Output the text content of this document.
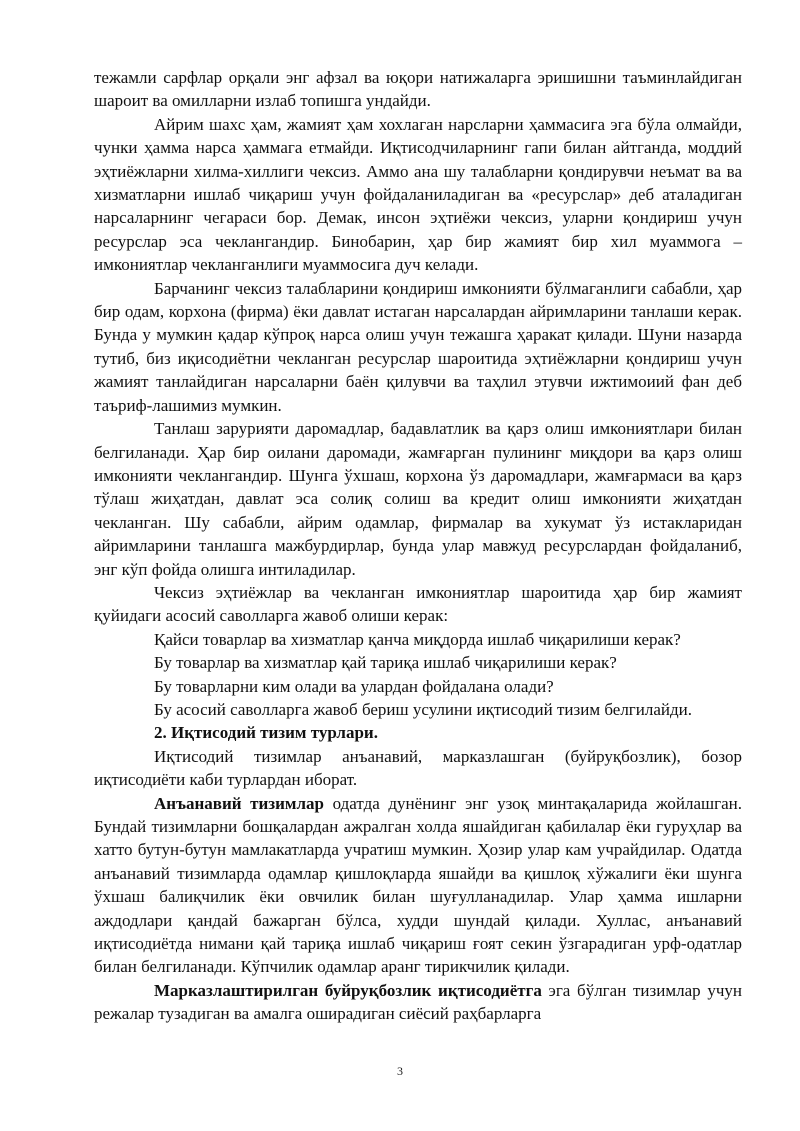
тежамли сарфлар орқали энг афзал ва юқори натижаларга эришишни таъминлайдиган шароит ва омилларни излаб топишга ундайди.

Айрим шахс ҳам, жамият ҳам хохлаган нарсларни ҳаммасига эга бўла олмайди, чунки ҳамма нарса ҳаммага етмайди. Иқтисодчиларнинг гапи билан айтганда, моддий эҳтиёжларни хилма-хиллиги чексиз. Аммо ана шу талабларни қондирувчи неъмат ва ва хизматларни ишлаб чиқариш учун фойдаланиладиган ва «ресурслар» деб аталадиган нарсаларнинг чегараси бор. Демак, инсон эҳтиёжи чексиз, уларни қондириш учун ресурслар эса чеклангандир. Бинобарин, ҳар бир жамият бир хил муаммога – имкониятлар чекланганлиги муаммосига дуч келади.

Барчанинг чексиз талабларини қондириш имконияти бўлмаганлиги сабабли, ҳар бир одам, корхона (фирма) ёки давлат истаган нарсалардан айримларини танлаши керак. Бунда у мумкин қадар кўпроқ нарса олиш учун тежашга ҳаракат қилади. Шуни назарда тутиб, биз иқисодиётни чекланган ресурслар шароитида эҳтиёжларни қондириш учун жамият танлайдиган нарсаларни баён қилувчи ва таҳлил этувчи ижтимоиий фан деб таъриф-лашимиз мумкин.

Танлаш зарурияти даромадлар, бадавлатлик ва қарз олиш имкониятлари билан белгиланади. Ҳар бир оилани даромади, жамғарган пулининг миқдори ва қарз олиш имконияти чеклангандир. Шунга ўхшаш, корхона ўз даромадлари, жамғармаси ва қарз тўлаш жиҳатдан, давлат эса солиқ солиш ва кредит олиш имконияти жиҳатдан чекланган. Шу сабабли, айрим одамлар, фирмалар ва хукумат ўз истакларидан айримларини танлашга мажбурдирлар, бунда улар мавжуд ресурслардан фойдаланиб, энг кўп фойда олишга интиладилар.

Чексиз эҳтиёжлар ва чекланган имкониятлар шароитида ҳар бир жамият қуйидаги асосий саволларга жавоб олиши керак:

Қайси товарлар ва хизматлар қанча миқдорда ишлаб чиқарилиши керак?

Бу товарлар ва хизматлар қай тариқа ишлаб чиқарилиши керак?

Бу товарларни ким олади ва улардан фойдалана олади?

Бу асосий саволларга жавоб бериш усулини иқтисодий тизим белгилайди.

2. Иқтисодий тизим турлари.

Иқтисодий тизимлар анъанавий, марказлашган (буйруқбозлик), бозор иқтисодиёти каби турлардан иборат.

Анъанавий тизимлар одатда дунёнинг энг узоқ минтақаларида жойлашган. Бундай тизимларни бошқалардан ажралган холда яшайдиган қабилалар ёки гуруҳлар ва хатто бутун-бутун мамлакатларда учратиш мумкин. Ҳозир улар кам учрайдилар. Одатда анъанавий тизимларда одамлар қишлоқларда яшайди ва қишлоқ хўжалиги ёки шунга ўхшаш балиқчилик ёки овчилик билан шуғулланадилар. Улар ҳамма ишларни аждодлари қандай бажарган бўлса, худди шундай қилади. Хуллас, анъанавий иқтисодиётда нимани қай тариқа ишлаб чиқариш ғоят секин ўзгарадиган урф-одатлар билан белгиланади. Кўпчилик одамлар аранг тирикчилик қилади.

Марказлаштирилган буйруқбозлик иқтисодиётга эга бўлган тизимлар учун режалар тузадиган ва амалга оширадиган сиёсий раҳбарларга

3
